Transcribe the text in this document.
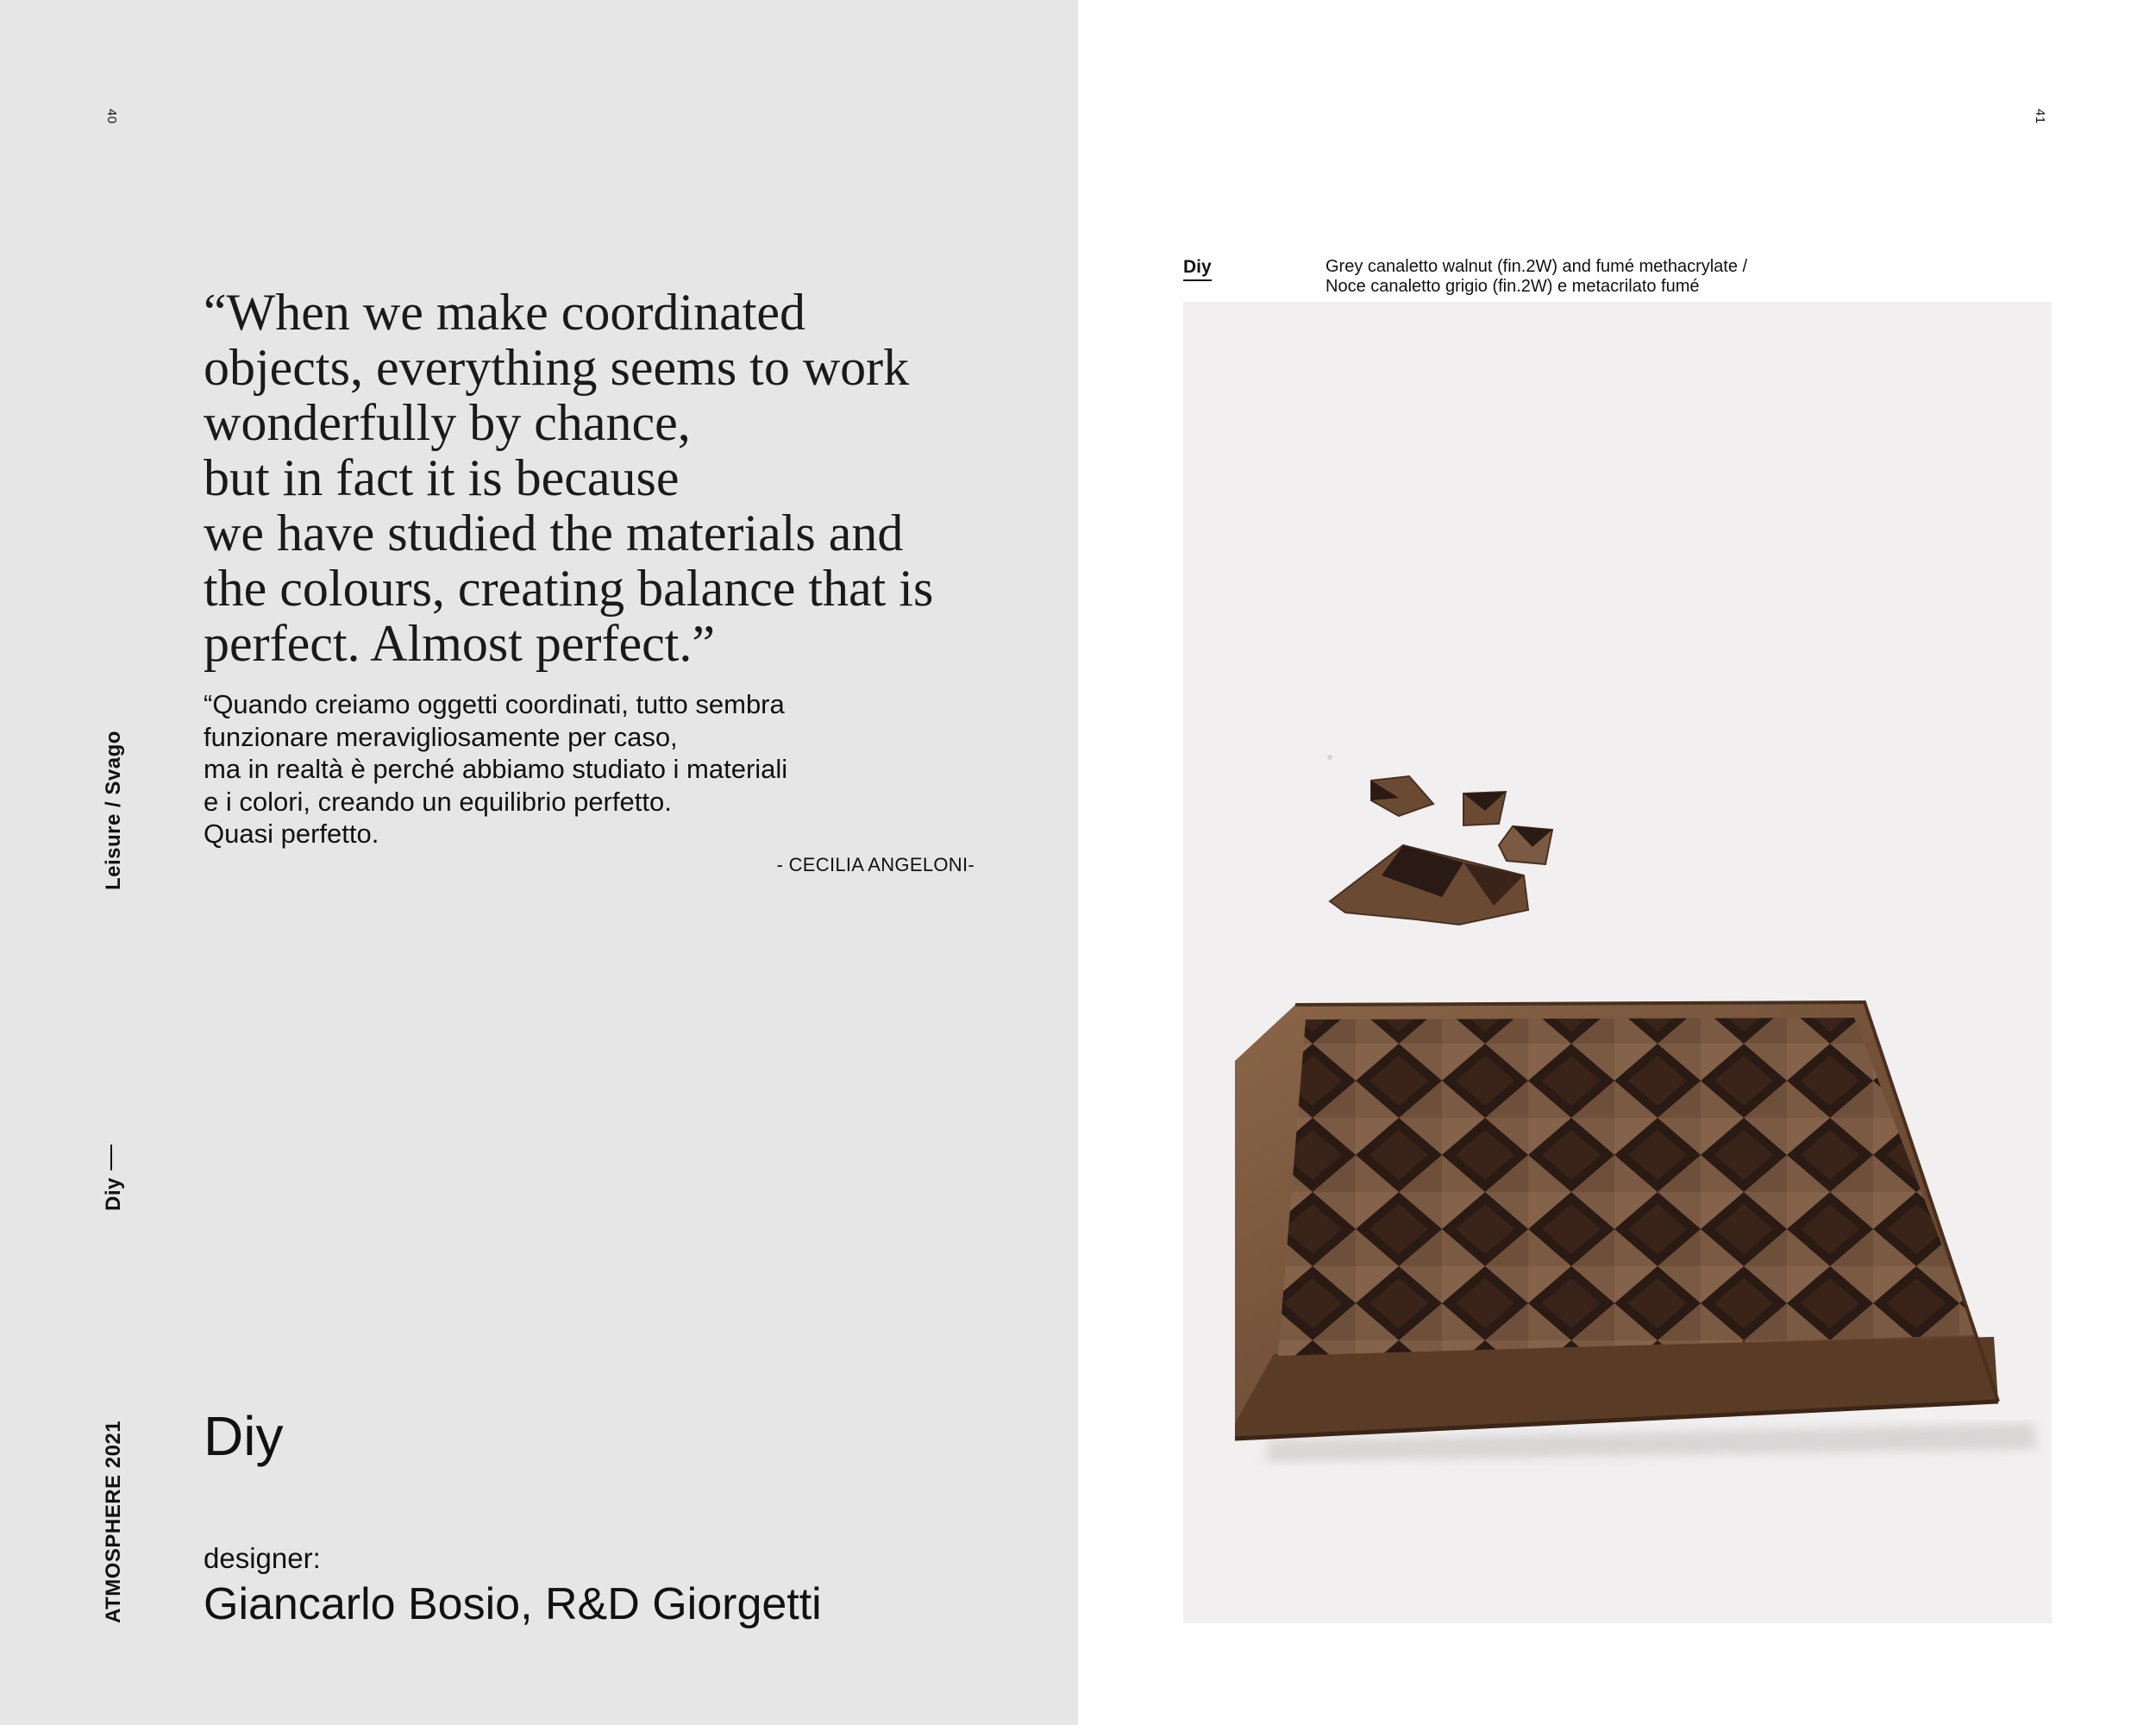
40
Leisure / Svago
Diy
ATMOSPHERE 2021

“When we make coordinated
objects, everything seems to work
wonderfully by chance,
but in fact it is because
we have studied the materials and
the colours, creating balance that is
perfect. Almost perfect.”

“Quando creiamo oggetti coordinati, tutto sembra
funzionare meravigliosamente per caso,
ma in realtà è perché abbiamo studiato i materiali
e i colori, creando un equilibrio perfetto.
Quasi perfetto.

- CECILIA ANGELONI-
Diy
designer:
Giancarlo Bosio, R&D Giorgetti
41
Diy	Grey canaletto walnut (fin.2W) and fumé methacrylate /
Noce canaletto grigio (fin.2W) e metacrilato fumé
